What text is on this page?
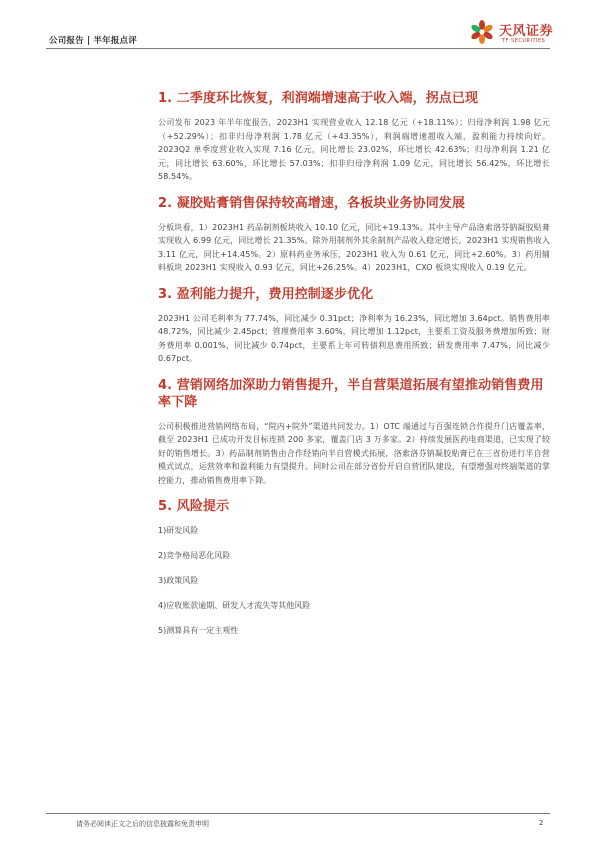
公司报告 | 半年报点评
天风证券
TF SECURITIES
1. 二季度环比恢复，利润端增速高于收入端，拐点已现

公司发布 2023 年半年度报告，2023H1 实现营业收入 12.18 亿元（+18.11%）；归母净利润 1.98 亿元（+52.29%）；扣非归母净利润 1.78 亿元（+43.35%），利润端增速超收入端，盈利能力持续向好。2023Q2 单季度营业收入实现 7.16 亿元，同比增长 23.02%，环比增长 42.63%；归母净利润 1.21 亿元，同比增长 63.60%，环比增长 57.03%；扣非归母净利润 1.09 亿元，同比增长 56.42%，环比增长 58.54%。

2. 凝胶贴膏销售保持较高增速，各板块业务协同发展

分板块看，1）2023H1 药品制剂板块收入 10.10 亿元，同比+19.13%。其中主导产品洛索洛芬钠凝胶贴膏实现收入 6.99 亿元，同比增长 21.35%。除外用制剂外其余制剂产品收入稳定增长，2023H1 实现销售收入 3.11 亿元，同比+14.45%。2）原料药业务承压，2023H1 收入为 0.61 亿元，同比+2.60%。3）药用辅料板块 2023H1 实现收入 0.93 亿元，同比+26.25%。4）2023H1，CXO 板块实现收入 0.19 亿元。

3. 盈利能力提升，费用控制逐步优化

2023H1 公司毛利率为 77.74%，同比减少 0.31pct；净利率为 16.23%，同比增加 3.64pct。销售费用率 48.72%，同比减少 2.45pct；管理费用率 3.60%，同比增加 1.12pct，主要系工资及服务费增加所致；财务费用率 0.001%，同比减少 0.74pct，主要系上年可转债利息费用所致；研发费用率 7.47%，同比减少 0.67pct。

4. 营销网络加深助力销售提升，半自营渠道拓展有望推动销售费用率下降

公司积极推进营销网络布局，“院内+院外”渠道共同发力。1）OTC 端通过与百强连锁合作提升门店覆盖率，截至 2023H1 已成功开发目标连锁 200 多家，覆盖门店 3 万多家。2）持续发展医药电商渠道，已实现了较好的销售增长。3）药品制剂销售由合作经销向半自营模式拓展，洛索洛芬钠凝胶贴膏已在三省份进行半自营模式试点，运营效率和盈利能力有望提升。同时公司在部分省份开启自营团队建设，有望增强对终端渠道的掌控能力，推动销售费用率下降。

5. 风险提示
1)研发风险
2)竞争格局恶化风险
3)政策风险
4)应收账款逾期、研发人才流失等其他风险
5)测算具有一定主观性
请务必阅读正文之后的信息披露和免责申明	2
